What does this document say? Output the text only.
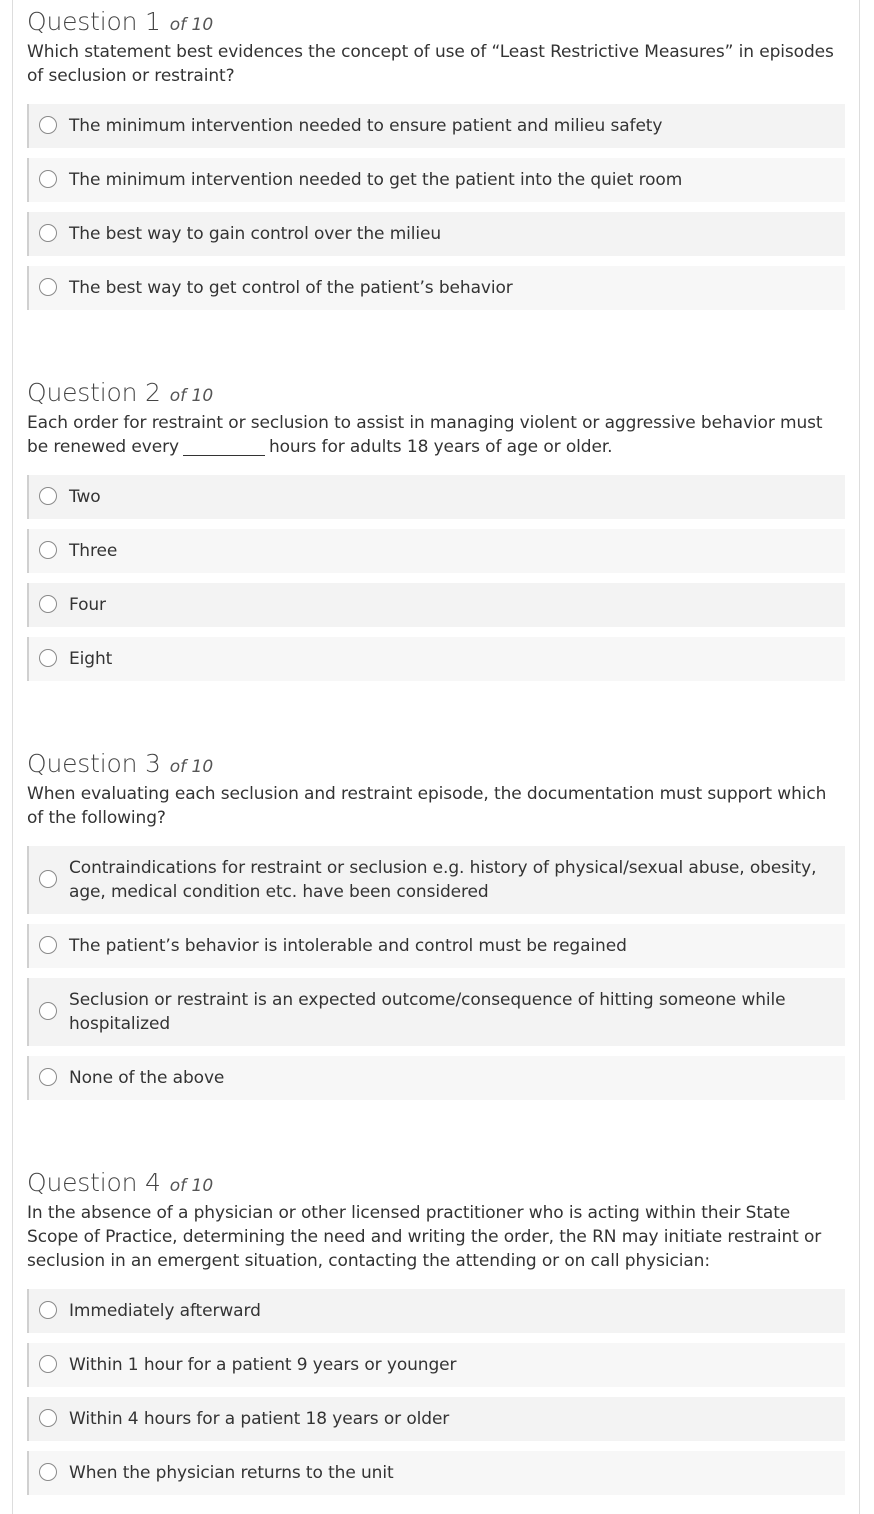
Question 1 of 10

Which statement best evidences the concept of use of “Least Restrictive Measures” in episodes of seclusion or restraint?

The minimum intervention needed to ensure patient and milieu safety
The minimum intervention needed to get the patient into the quiet room
The best way to gain control over the milieu
The best way to get control of the patient’s behavior
Question 2 of 10

Each order for restraint or seclusion to assist in managing violent or aggressive behavior must be renewed every	hours for adults 18 years of age or older.

Two
Three
Four
Eight
Question 3 of 10

When evaluating each seclusion and restraint episode, the documentation must support which of the following?

Contraindications for restraint or seclusion e.g. history of physical/sexual abuse, obesity, age, medical condition etc. have been considered
The patient’s behavior is intolerable and control must be regained
Seclusion or restraint is an expected outcome/consequence of hitting someone while hospitalized
None of the above
Question 4 of 10

In the absence of a physician or other licensed practitioner who is acting within their State Scope of Practice, determining the need and writing the order, the RN may initiate restraint or seclusion in an emergent situation, contacting the attending or on call physician:

Immediately afterward
Within 1 hour for a patient 9 years or younger
Within 4 hours for a patient 18 years or older
When the physician returns to the unit
